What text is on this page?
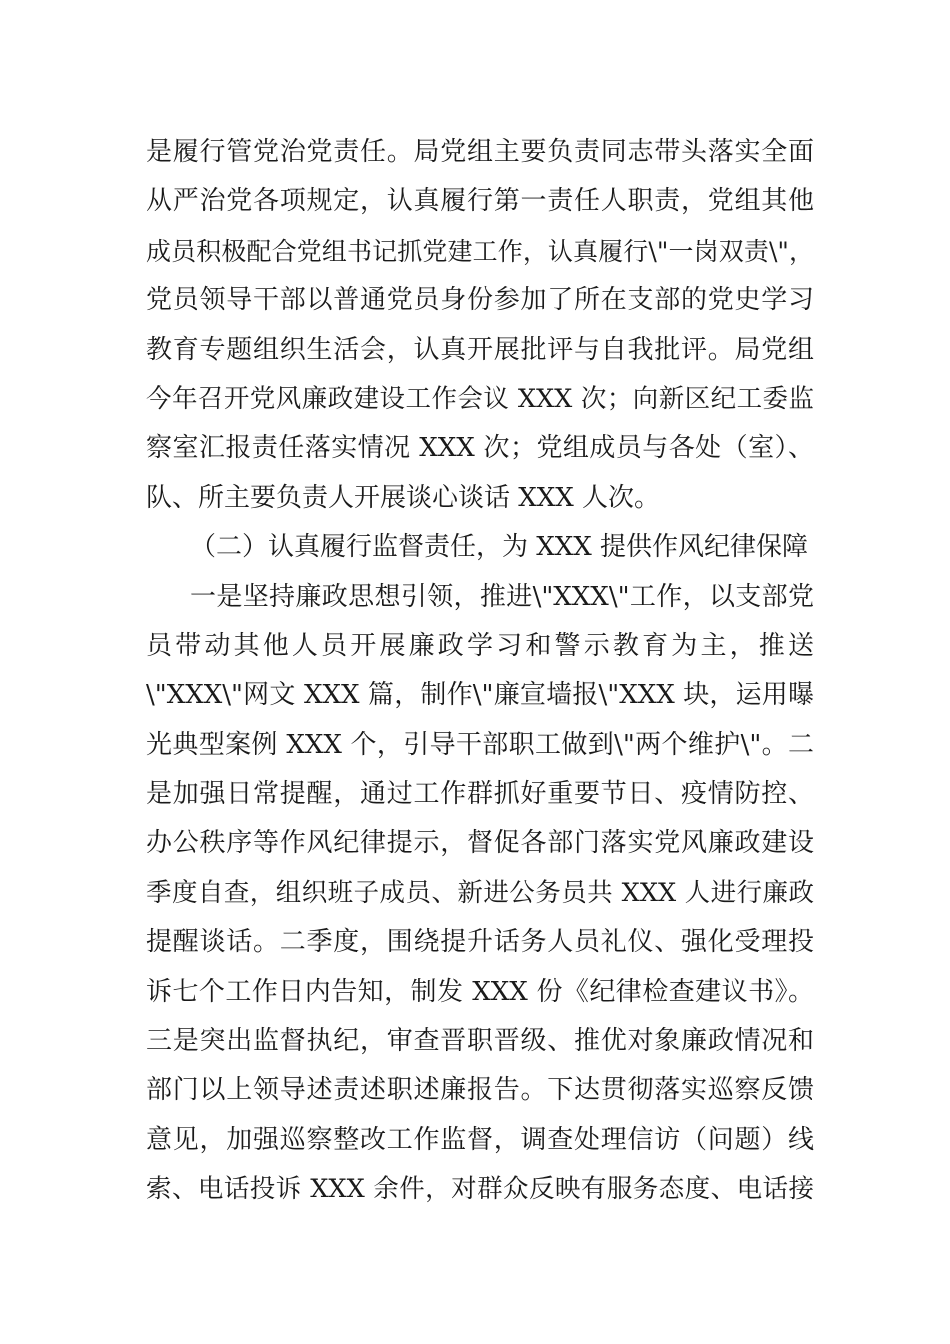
是履行管党治党责任。局党组主要负责同志带头落实全面
从严治党各项规定，认真履行第一责任人职责，党组其他
成员积极配合党组书记抓党建工作，认真履行\"一岗双责\"，
党员领导干部以普通党员身份参加了所在支部的党史学习
教育专题组织生活会，认真开展批评与自我批评。局党组
今年召开党风廉政建设工作会议 XXX 次；向新区纪工委监
察室汇报责任落实情况 XXX 次；党组成员与各处（室）、
队、所主要负责人开展谈心谈话 XXX 人次。
（二）认真履行监督责任，为 XXX 提供作风纪律保障
一是坚持廉政思想引领，推进\"XXX\"工作，以支部党
员带动其他人员开展廉政学习和警示教育为主，推送
\"XXX\"网文 XXX 篇，制作\"廉宣墙报\"XXX 块，运用曝
光典型案例 XXX 个，引导干部职工做到\"两个维护\"。二
是加强日常提醒，通过工作群抓好重要节日、疫情防控、
办公秩序等作风纪律提示，督促各部门落实党风廉政建设
季度自查，组织班子成员、新进公务员共 XXX 人进行廉政
提醒谈话。二季度，围绕提升话务人员礼仪、强化受理投
诉七个工作日内告知，制发 XXX 份《纪律检查建议书》。
三是突出监督执纪，审查晋职晋级、推优对象廉政情况和
部门以上领导述责述职述廉报告。下达贯彻落实巡察反馈
意见，加强巡察整改工作监督，调查处理信访（问题）线
索、电话投诉 XXX 余件，对群众反映有服务态度、电话接
